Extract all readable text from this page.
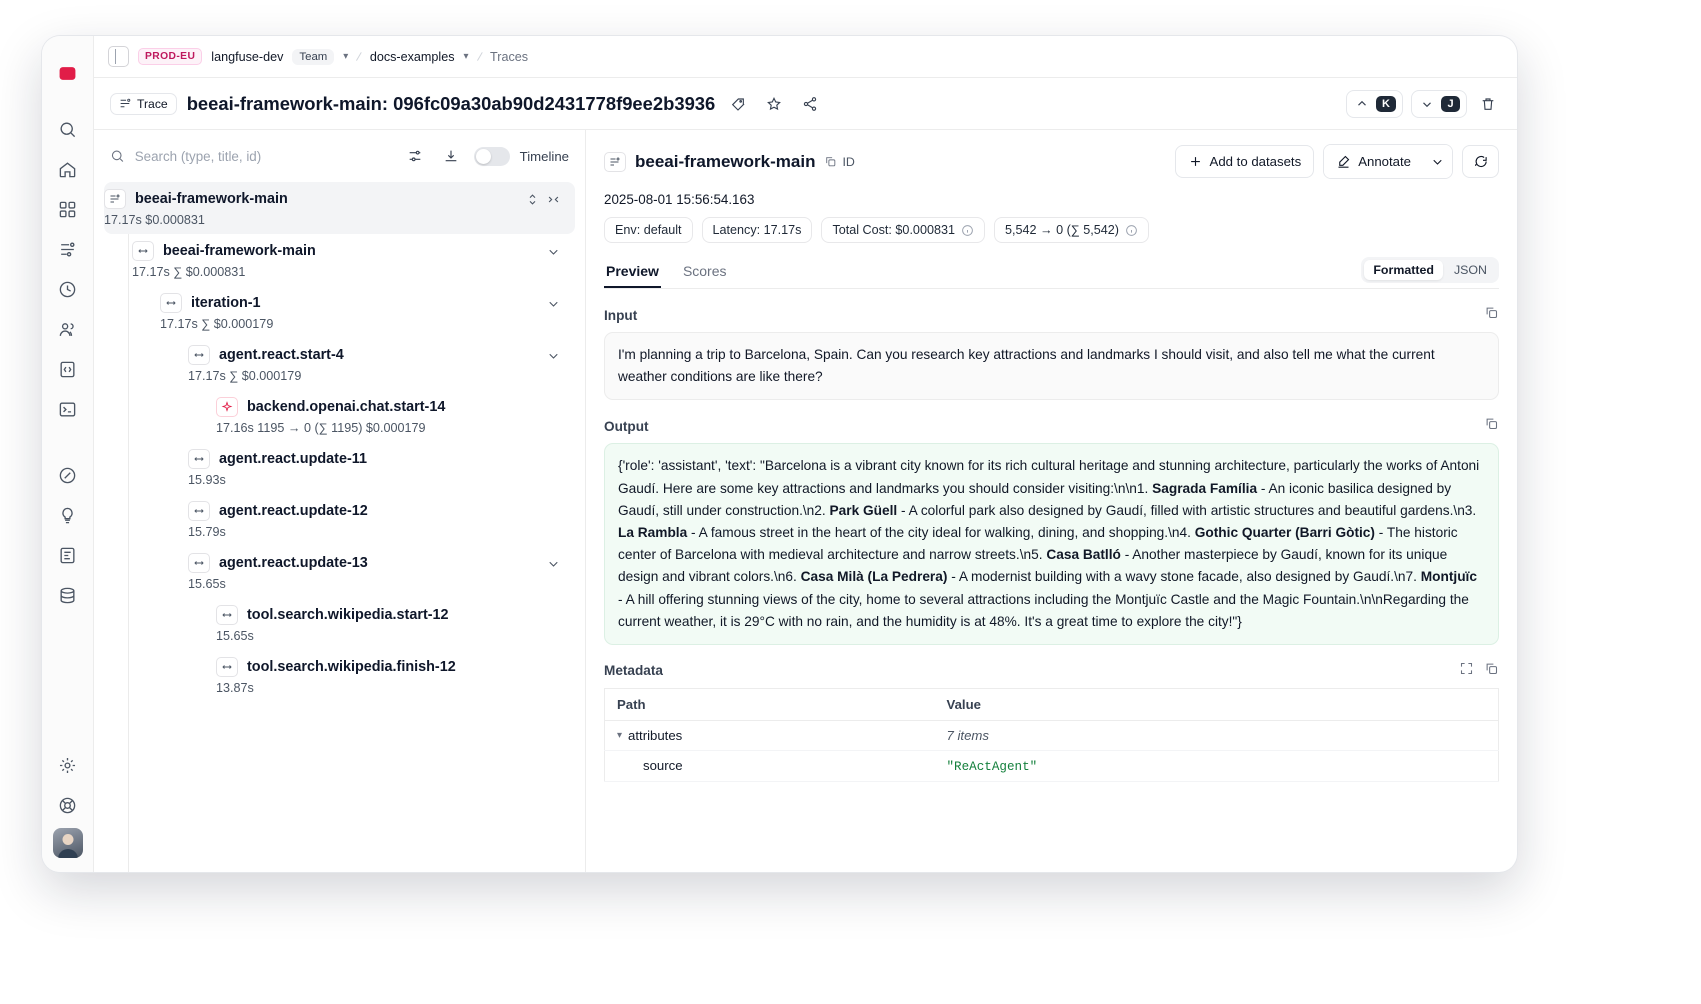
PROD-EU	langfuse-dev	Team	▾ / docs-examples ▾ / Traces
Trace beeai-framework-main: 096fc09a30ab90d2431778f9ee2b3936	K	J
Search (type, title, id)
Timeline
beeai-framework-main
17.17s $0.000831
beeai-framework-main
17.17s ∑ $0.000831
iteration-1
17.17s ∑ $0.000179
agent.react.start-4
17.17s ∑ $0.000179
backend.openai.chat.start-14
17.16s 1195 → 0 (∑ 1195) $0.000179
agent.react.update-11
15.93s
agent.react.update-12
15.79s
agent.react.update-13
15.65s
tool.search.wikipedia.start-12
15.65s
tool.search.wikipedia.finish-12
13.87s
beeai-framework-main ID	Add to datasets	Annotate
2025-08-01 15:56:54.163
Env: default Latency: 17.17s Total Cost: $0.000831	5,542 → 0 (∑ 5,542)
Preview Scores	Formatted	JSON
Input
I'm planning a trip to Barcelona, Spain. Can you research key attractions and landmarks I should visit, and also tell me what the current weather conditions are like there?
Output
{'role': 'assistant', 'text': "Barcelona is a vibrant city known for its rich cultural heritage and stunning architecture, particularly the works of Antoni Gaudí. Here are some key attractions and landmarks you should consider visiting:\n\n1. Sagrada Família - An iconic basilica designed by Gaudí, still under construction.\n2. Park Güell - A colorful park also designed by Gaudí, filled with artistic structures and beautiful gardens.\n3. La Rambla - A famous street in the heart of the city ideal for walking, dining, and shopping.\n4. Gothic Quarter (Barri Gòtic) - The historic center of Barcelona with medieval architecture and narrow streets.\n5. Casa Batlló - Another masterpiece by Gaudí, known for its unique design and vibrant colors.\n6. Casa Milà (La Pedrera) - A modernist building with a wavy stone facade, also designed by Gaudí.\n7. Montjuïc - A hill offering stunning views of the city, home to several attractions including the Montjuïc Castle and the Magic Fountain.\n\nRegarding the current weather, it is 29°C with no rain, and the humidity is at 48%. It's a great time to explore the city!"}
Metadata
Path	Value

▾ attributes	7 items

source	"ReActAgent"
